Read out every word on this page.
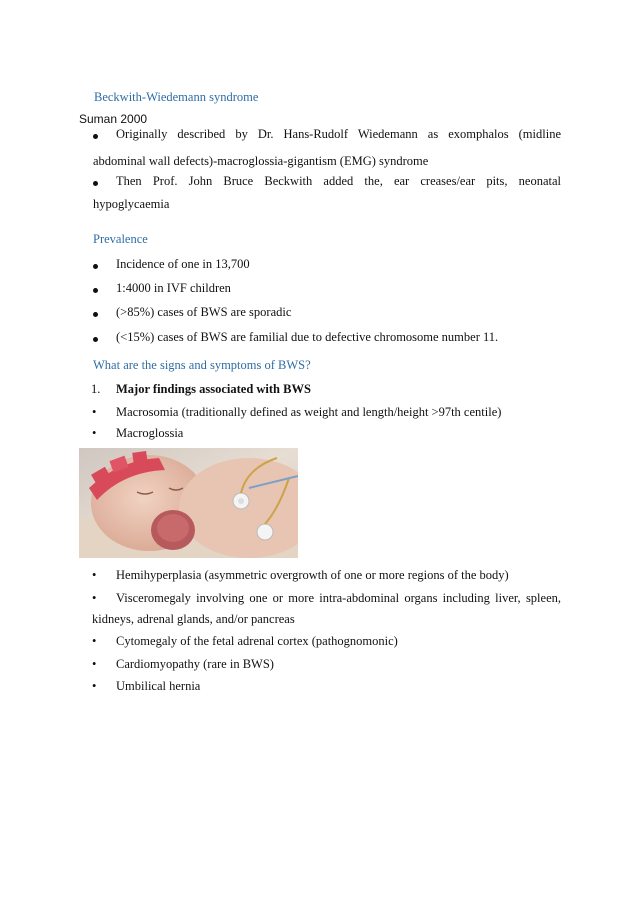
Beckwith-Wiedemann syndrome
Suman 2000
Originally described by Dr. Hans-Rudolf Wiedemann as exomphalos (midline
abdominal wall defects)-macroglossia-gigantism (EMG) syndrome
Then Prof. John Bruce Beckwith added the, ear creases/ear pits, neonatal
hypoglycaemia
Prevalence
Incidence of one in 13,700
1:4000 in IVF children
(>85%) cases of BWS are sporadic
(<15%) cases of BWS are familial due to defective chromosome number 11.
What are the signs and symptoms of BWS?
1. Major findings associated with BWS
• Macrosomia (traditionally defined as weight and length/height >97th centile)
• Macroglossia
• Hemihyperplasia (asymmetric overgrowth of one or more regions of the body)
• Visceromegaly involving one or more intra-abdominal organs including liver, spleen,
kidneys, adrenal glands, and/or pancreas
• Cytomegaly of the fetal adrenal cortex (pathognomonic)
• Cardiomyopathy (rare in BWS)
• Umbilical hernia
